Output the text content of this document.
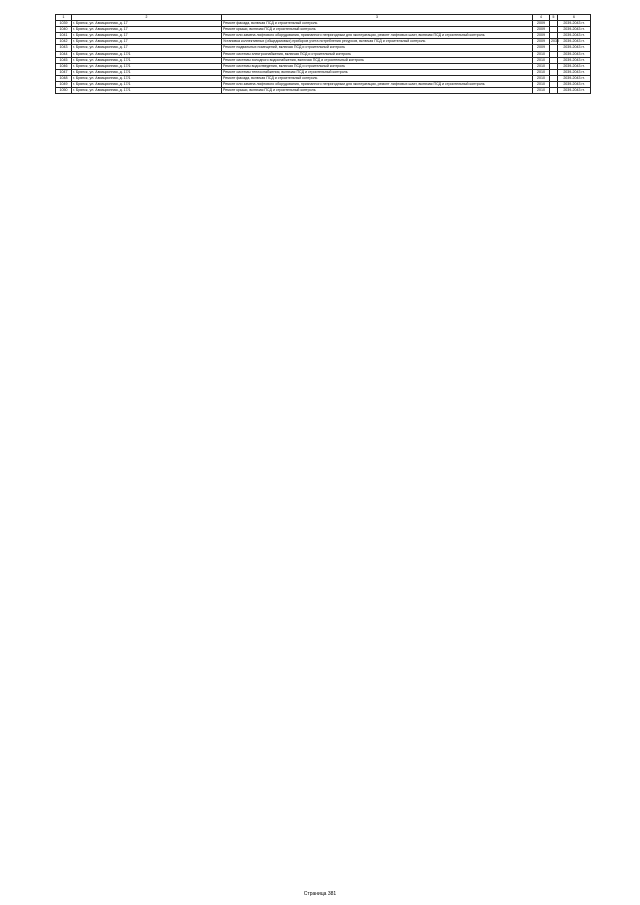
1	2	3	4	5	6
1039	г. Брянск, ул. Авиационная, д. 17	Ремонт фасада, включая ПСД и строительный контроль	2009		2039-2043 гг.
1040	г. Брянск, ул. Авиационная, д. 17	Ремонт крыши, включая ПСД и строительный контроль	2009		2039-2043 гг.
1041	г. Брянск, ул. Авиационная, д. 17	Ремонт или замена лифтового оборудования, признанного непригодным для эксплуатации, ремонт лифтовых шахт, включая ПСД и строительный контроль	2009		2039-2043 гг.
1042	г. Брянск, ул. Авиационная, д. 17	Установка коллективных (общедомовых) приборов учета потребления ресурсов, включая ПСД и строительный контроль	2009	2030	2039-2043 гг.
1043	г. Брянск, ул. Авиационная, д. 17	Ремонт подвальных помещений, включая ПСД и строительный контроль	2009		2039-2043 гг.
1044	г. Брянск, ул. Авиационная, д. 17/1	Ремонт системы электроснабжения, включая ПСД и строительный контроль	2010		2039-2043 гг.
1045	г. Брянск, ул. Авиационная, д. 17/1	Ремонт системы холодного водоснабжения, включая ПСД и строительный контроль	2010		2039-2043 гг.
1046	г. Брянск, ул. Авиационная, д. 17/1	Ремонт системы водоотведения, включая ПСД и строительный контроль	2010		2039-2043 гг.
1047	г. Брянск, ул. Авиационная, д. 17/1	Ремонт системы теплоснабжения, включая ПСД и строительный контроль	2010		2039-2043 гг.
1048	г. Брянск, ул. Авиационная, д. 17/1	Ремонт фасада, включая ПСД и строительный контроль	2010		2039-2043 гг.
1049	г. Брянск, ул. Авиационная, д. 17/1	Ремонт или замена лифтового оборудования, признанного непригодным для эксплуатации, ремонт лифтовых шахт, включая ПСД и строительный контроль	2010		2039-2043 гг.
1050	г. Брянск, ул. Авиационная, д. 17/1	Ремонт крыши, включая ПСД и строительный контроль	2010		2039-2043 гг.
Страница 381
